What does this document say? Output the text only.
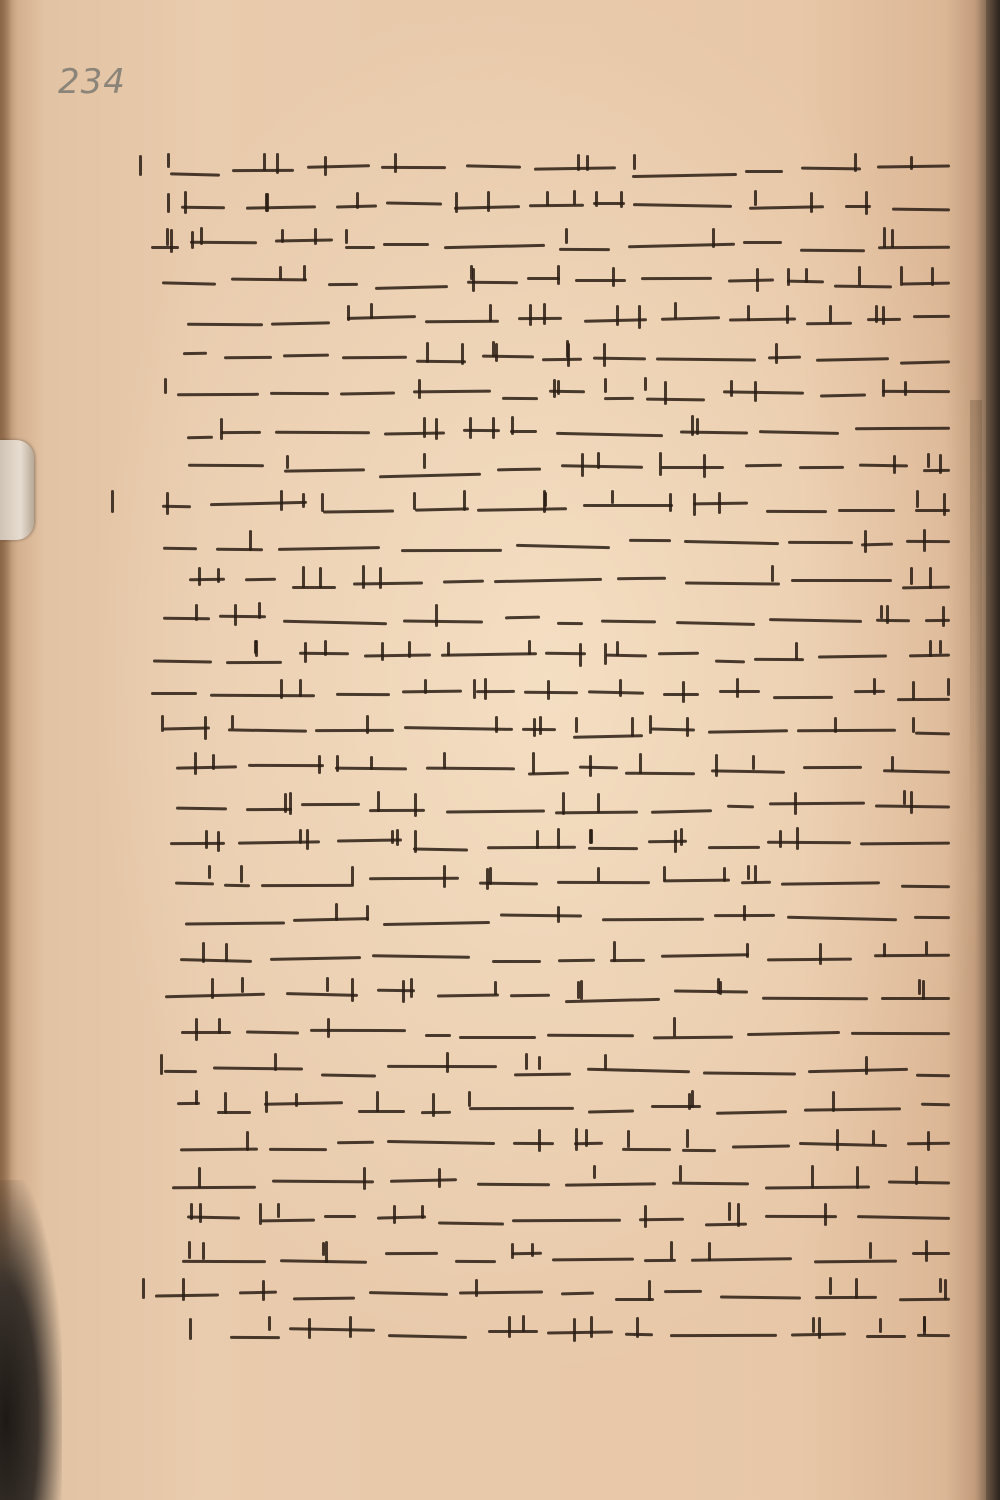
234
